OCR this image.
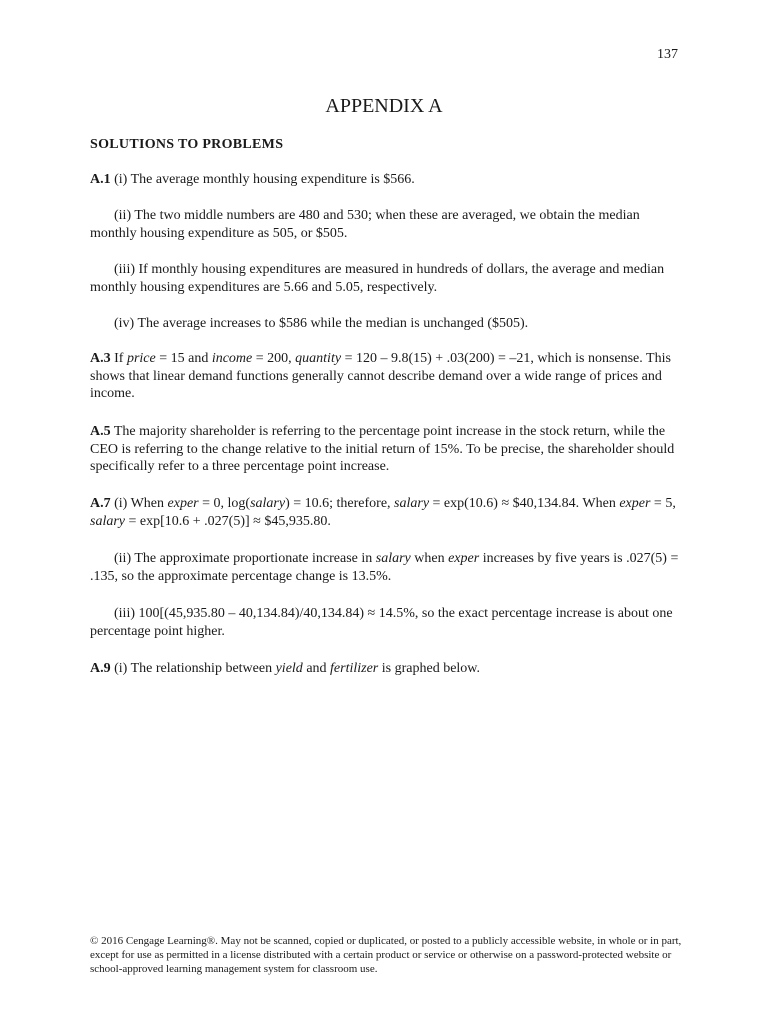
137
APPENDIX A
SOLUTIONS TO PROBLEMS

A.1 (i) The average monthly housing expenditure is $566.

(ii) The two middle numbers are 480 and 530; when these are averaged, we obtain the median monthly housing expenditure as 505, or $505.

(iii) If monthly housing expenditures are measured in hundreds of dollars, the average and median monthly housing expenditures are 5.66 and 5.05, respectively.

(iv) The average increases to $586 while the median is unchanged ($505).

A.3 If price = 15 and income = 200, quantity = 120 – 9.8(15) + .03(200) = –21, which is nonsense. This shows that linear demand functions generally cannot describe demand over a wide range of prices and income.

A.5 The majority shareholder is referring to the percentage point increase in the stock return, while the CEO is referring to the change relative to the initial return of 15%. To be precise, the shareholder should specifically refer to a three percentage point increase.

A.7 (i) When exper = 0, log(salary) = 10.6; therefore, salary = exp(10.6) ≈ $40,134.84. When exper = 5, salary = exp[10.6 + .027(5)] ≈ $45,935.80.

(ii) The approximate proportionate increase in salary when exper increases by five years is .027(5) = .135, so the approximate percentage change is 13.5%.

(iii) 100[(45,935.80 – 40,134.84)/40,134.84) ≈ 14.5%, so the exact percentage increase is about one percentage point higher.

A.9 (i) The relationship between yield and fertilizer is graphed below.

© 2016 Cengage Learning®. May not be scanned, copied or duplicated, or posted to a publicly accessible website, in whole or in part, except for use as permitted in a license distributed with a certain product or service or otherwise on a password-protected website or school-approved learning management system for classroom use.
